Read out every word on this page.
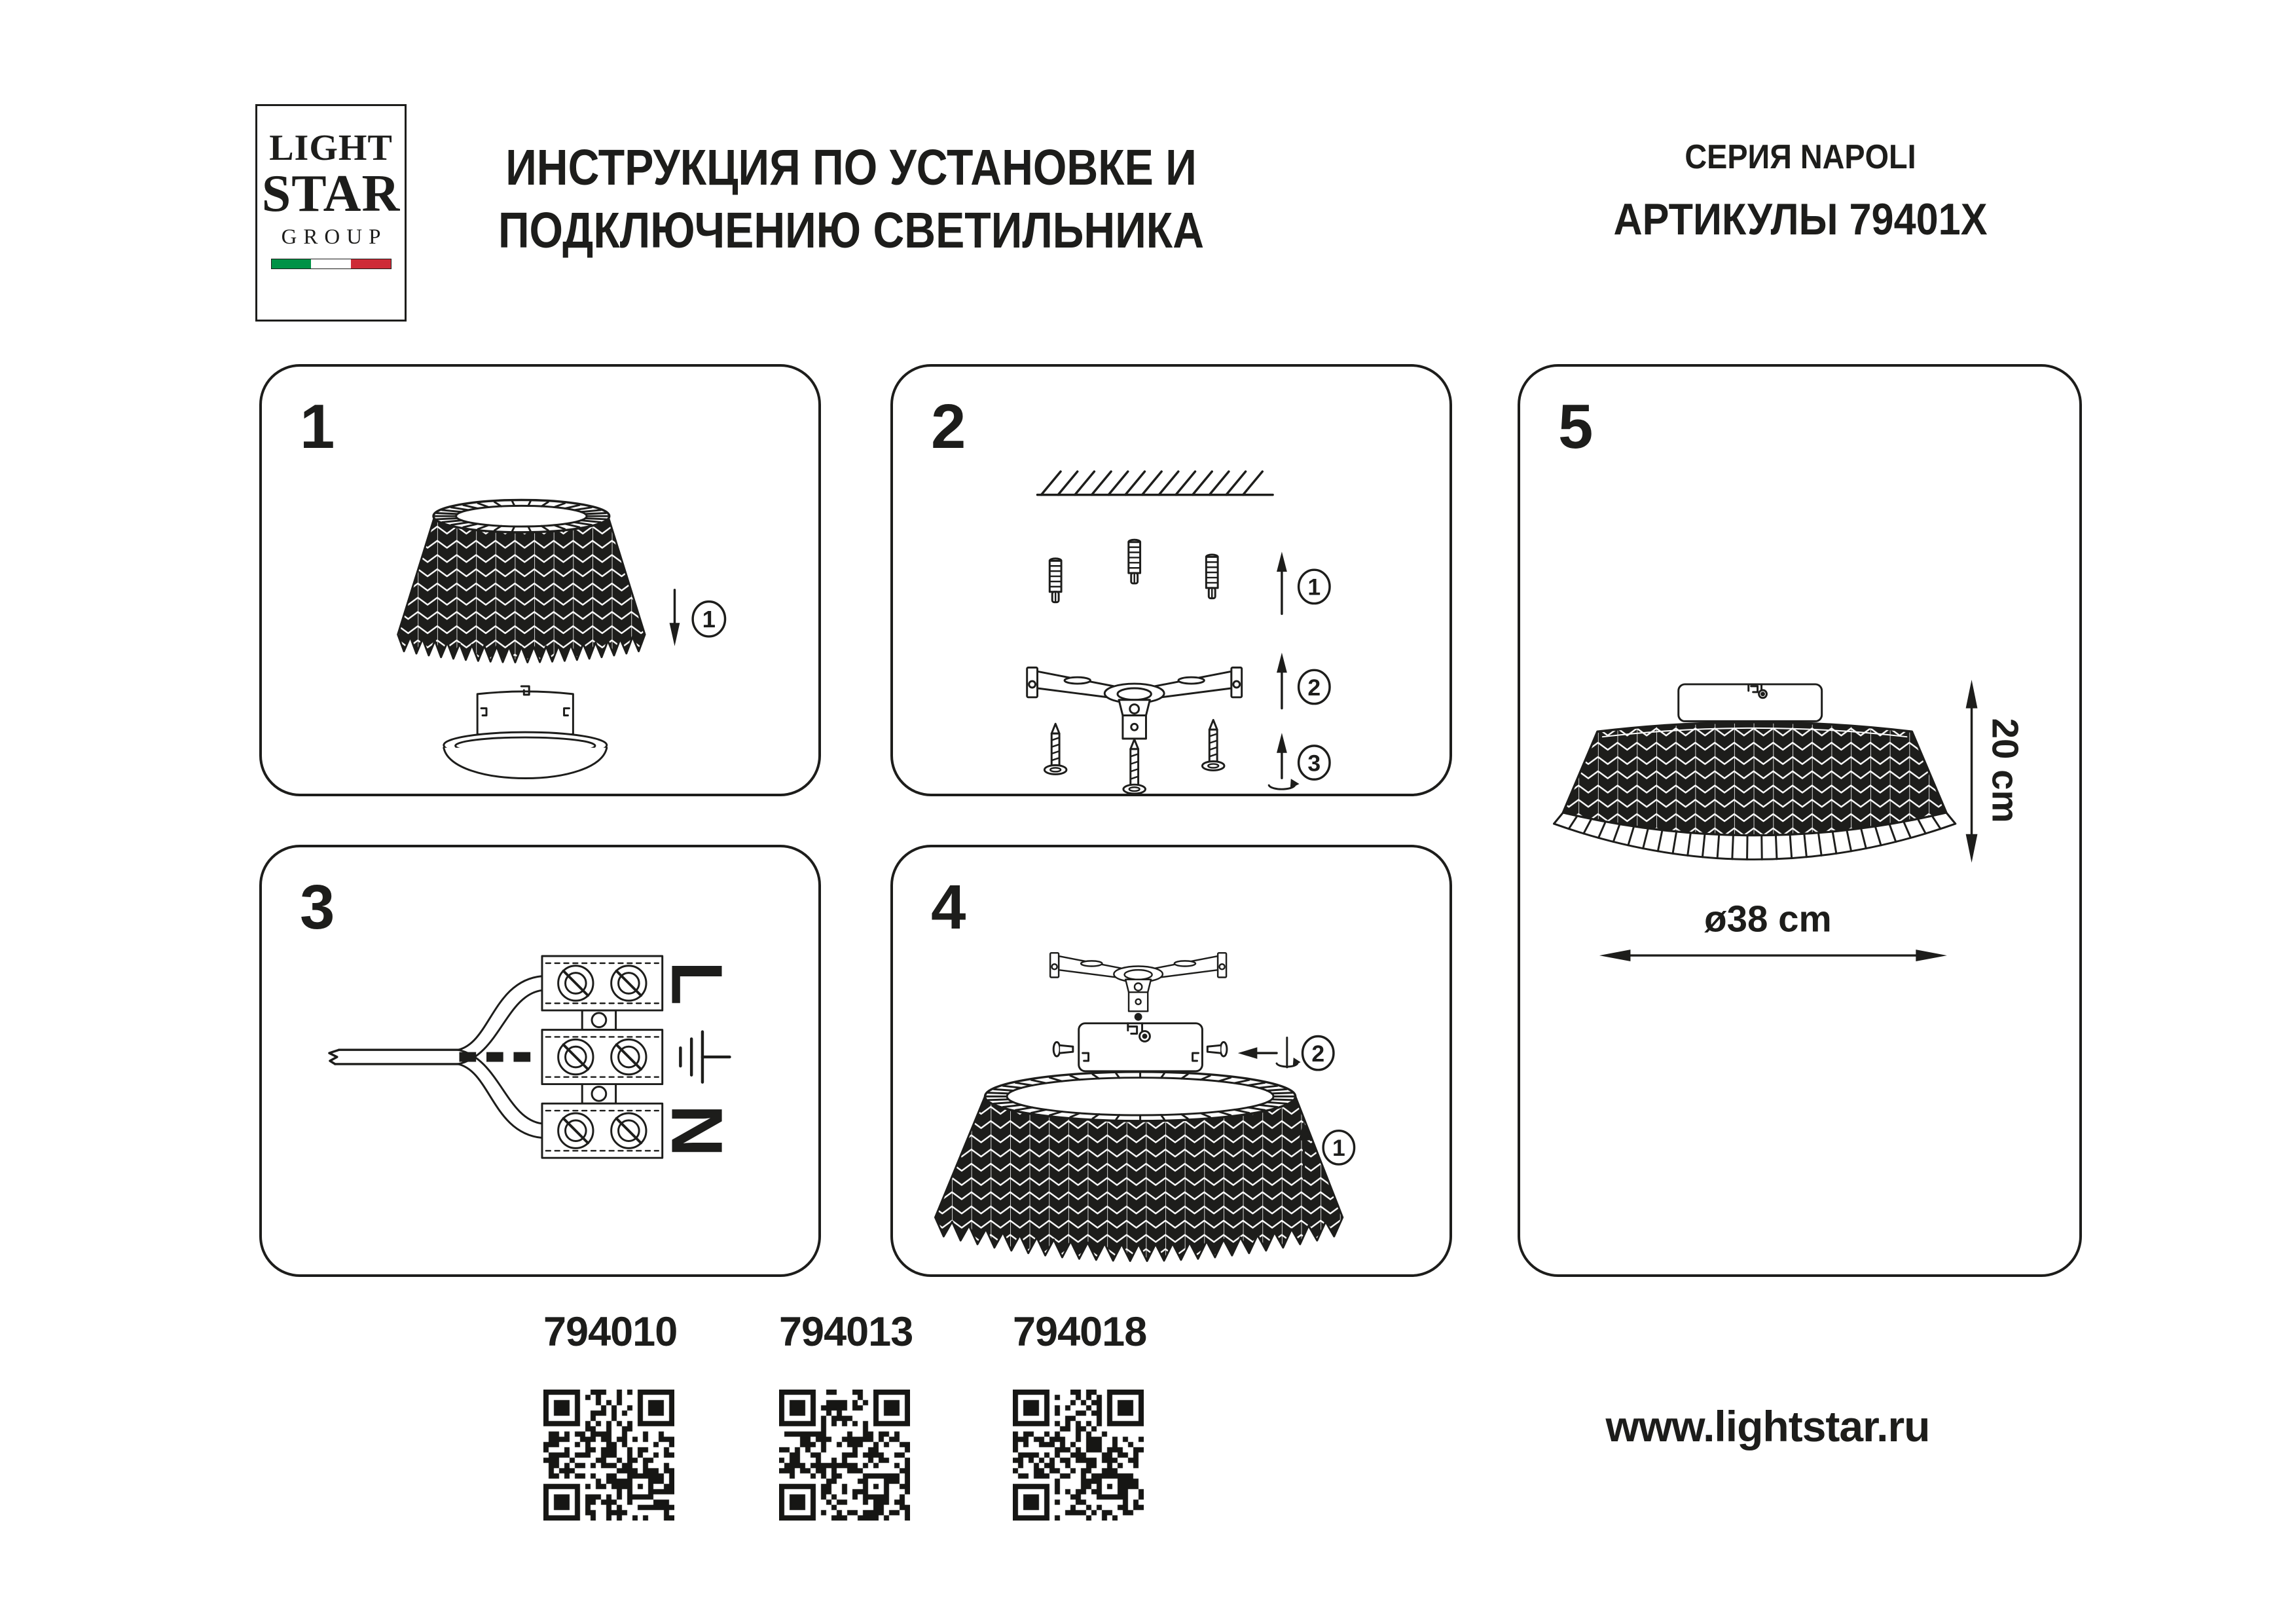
LIGHT
STAR
GROUP
ИНСТРУКЦИЯ ПО УСТАНОВКЕ И
ПОДКЛЮЧЕНИЮ СВЕТИЛЬНИКА
СЕРИЯ NAPOLI
АРТИКУЛЫ 79401X
1
1
2
1
2
3
3
L
N
4
2
1
5
20 cm
ø38 cm
794010 794013 794018
www.lightstar.ru
